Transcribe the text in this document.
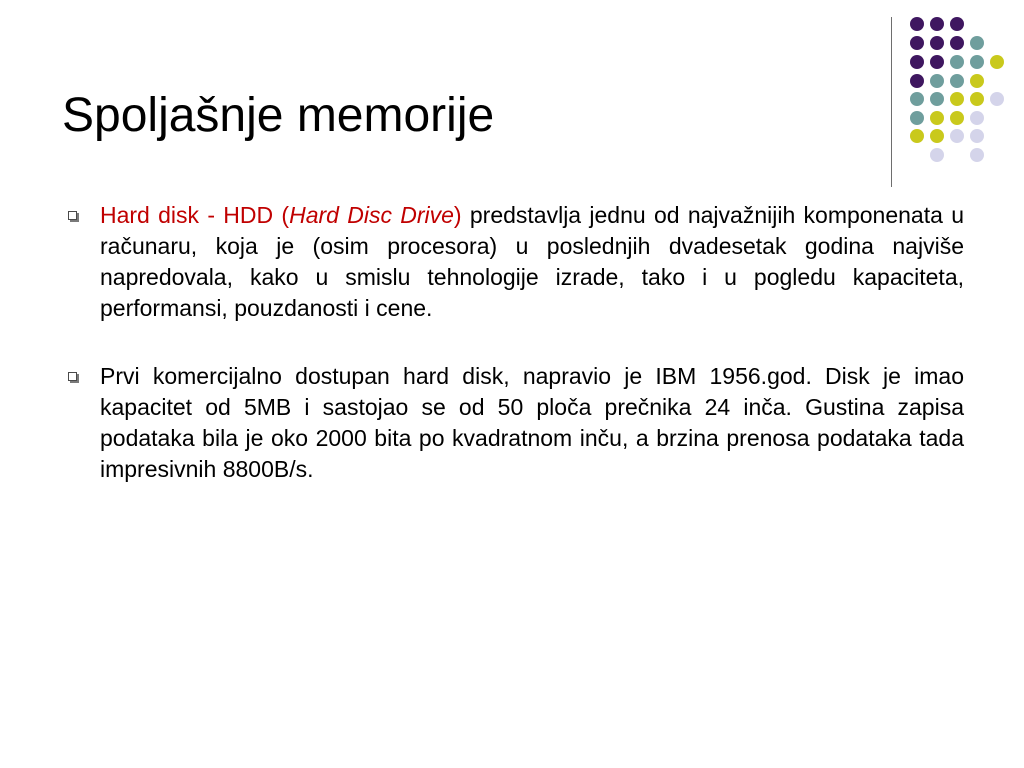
Spoljašnje memorije

Hard disk - HDD (Hard Disc Drive) predstavlja jednu od najvažnijih komponenata u računaru, koja je (osim procesora) u poslednjih dvadesetak godina najviše napredovala, kako u smislu tehnologije izrade, tako i u pogledu kapaciteta, performansi, pouzdanosti i cene.

Prvi komercijalno dostupan hard disk, napravio je IBM 1956.god. Disk je imao kapacitet od 5MB i sastojao se od 50 ploča prečnika 24 inča. Gustina zapisa podataka bila je oko 2000 bita po kvadratnom inču, a brzina prenosa podataka tada impresivnih 8800B/s.
